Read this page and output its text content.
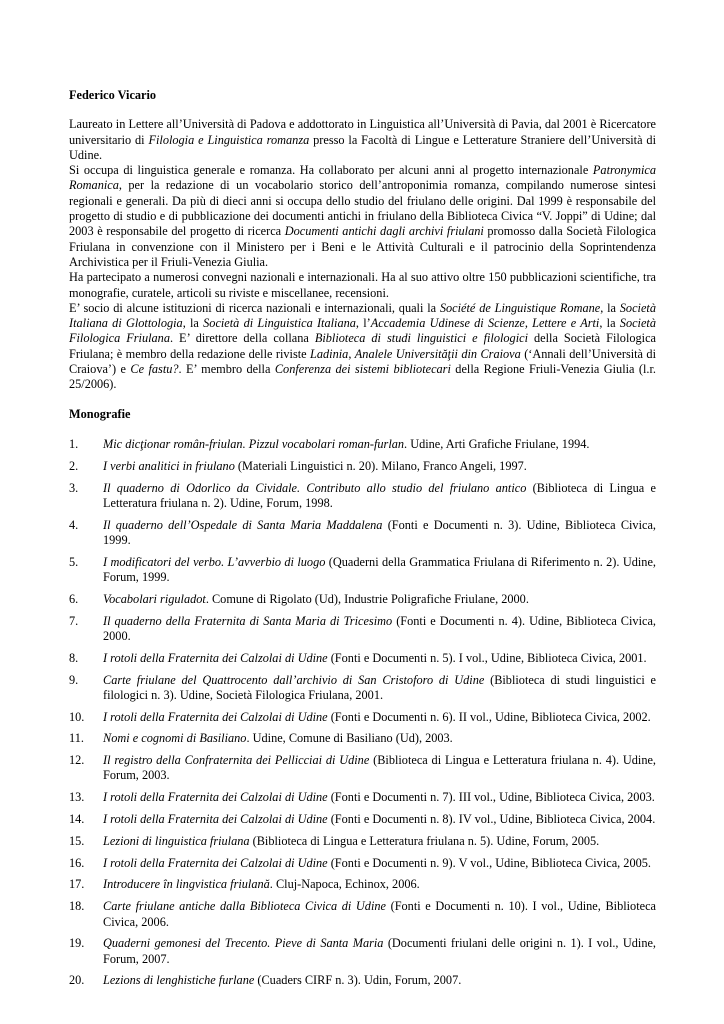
Federico Vicario

Laureato in Lettere all’Università di Padova e addottorato in Linguistica all’Università di Pavia, dal 2001 è Ricercatore universitario di Filologia e Linguistica romanza presso la Facoltà di Lingue e Letterature Straniere dell’Università di Udine.

Si occupa di linguistica generale e romanza. Ha collaborato per alcuni anni al progetto internazionale Patronymica Romanica, per la redazione di un vocabolario storico dell’antroponimia romanza, compilando numerose sintesi regionali e generali. Da più di dieci anni si occupa dello studio del friulano delle origini. Dal 1999 è responsabile del progetto di studio e di pubblicazione dei documenti antichi in friulano della Biblioteca Civica “V. Joppi” di Udine; dal 2003 è responsabile del progetto di ricerca Documenti antichi dagli archivi friulani promosso dalla Società Filologica Friulana in convenzione con il Ministero per i Beni e le Attività Culturali e il patrocinio della Soprintendenza Archivistica per il Friuli-Venezia Giulia.

Ha partecipato a numerosi convegni nazionali e internazionali. Ha al suo attivo oltre 150 pubblicazioni scientifiche, tra monografie, curatele, articoli su riviste e miscellanee, recensioni.

E’ socio di alcune istituzioni di ricerca nazionali e internazionali, quali la Société de Linguistique Romane, la Società Italiana di Glottologia, la Società di Linguistica Italiana, l’Accademia Udinese di Scienze, Lettere e Arti, la Società Filologica Friulana. E’ direttore della collana Biblioteca di studi linguistici e filologici della Società Filologica Friulana; è membro della redazione delle riviste Ladinia, Analele Universităţii din Craiova (‘Annali dell’Università di Craiova’) e Ce fastu?. E’ membro della Conferenza dei sistemi bibliotecari della Regione Friuli-Venezia Giulia (l.r. 25/2006).

Monografie
1.	Mic dicţionar român-friulan. Pizzul vocabolari roman-furlan. Udine, Arti Grafiche Friulane, 1994.
2.	I verbi analitici in friulano (Materiali Linguistici n. 20). Milano, Franco Angeli, 1997.
3.	Il quaderno di Odorlico da Cividale. Contributo allo studio del friulano antico (Biblioteca di Lingua e Letteratura friulana n. 2). Udine, Forum, 1998.
4.	Il quaderno dell’Ospedale di Santa Maria Maddalena (Fonti e Documenti n. 3). Udine, Biblioteca Civica, 1999.
5.	I modificatori del verbo. L’avverbio di luogo (Quaderni della Grammatica Friulana di Riferimento n. 2). Udine, Forum, 1999.
6.	Vocabolari riguladot. Comune di Rigolato (Ud), Industrie Poligrafiche Friulane, 2000.
7.	Il quaderno della Fraternita di Santa Maria di Tricesimo (Fonti e Documenti n. 4). Udine, Biblioteca Civica, 2000.
8.	I rotoli della Fraternita dei Calzolai di Udine (Fonti e Documenti n. 5). I vol., Udine, Biblioteca Civica, 2001.
9.	Carte friulane del Quattrocento dall’archivio di San Cristoforo di Udine (Biblioteca di studi linguistici e filologici n. 3). Udine, Società Filologica Friulana, 2001.
10.	I rotoli della Fraternita dei Calzolai di Udine (Fonti e Documenti n. 6). II vol., Udine, Biblioteca Civica, 2002.
11.	Nomi e cognomi di Basiliano. Udine, Comune di Basiliano (Ud), 2003.
12.	Il registro della Confraternita dei Pellicciai di Udine (Biblioteca di Lingua e Letteratura friulana n. 4). Udine, Forum, 2003.
13.	I rotoli della Fraternita dei Calzolai di Udine (Fonti e Documenti n. 7). III vol., Udine, Biblioteca Civica, 2003.
14.	I rotoli della Fraternita dei Calzolai di Udine (Fonti e Documenti n. 8). IV vol., Udine, Biblioteca Civica, 2004.
15.	Lezioni di linguistica friulana (Biblioteca di Lingua e Letteratura friulana n. 5). Udine, Forum, 2005.
16.	I rotoli della Fraternita dei Calzolai di Udine (Fonti e Documenti n. 9). V vol., Udine, Biblioteca Civica, 2005.
17.	Introducere în lingvistica friulană. Cluj-Napoca, Echinox, 2006.
18.	Carte friulane antiche dalla Biblioteca Civica di Udine (Fonti e Documenti n. 10). I vol., Udine, Biblioteca Civica, 2006.
19.	Quaderni gemonesi del Trecento. Pieve di Santa Maria (Documenti friulani delle origini n. 1). I vol., Udine, Forum, 2007.
20.	Lezions di lenghistiche furlane (Cuaders CIRF n. 3). Udin, Forum, 2007.
